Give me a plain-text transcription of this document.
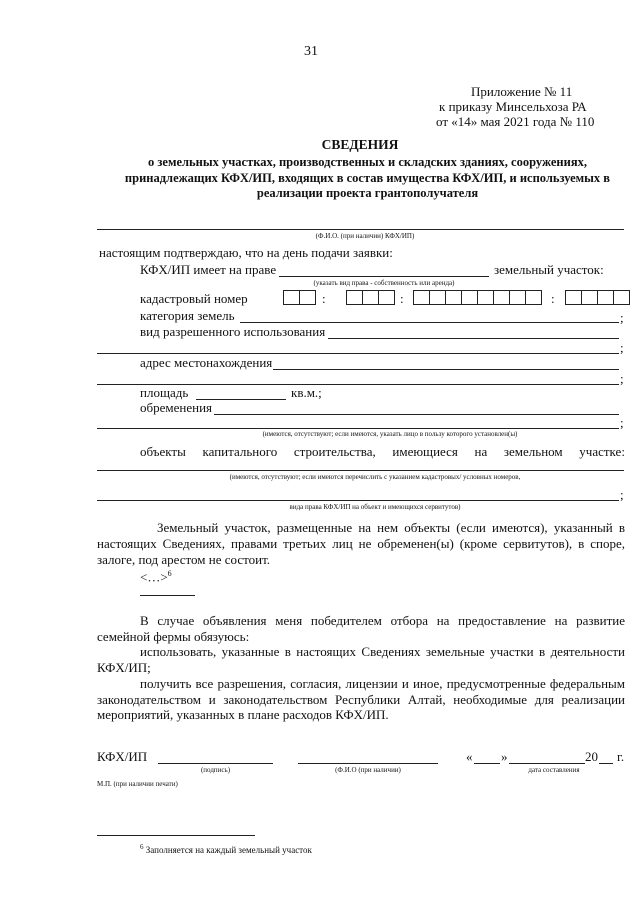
31
Приложение № 11
к приказу Минсельхоза РА
от «14» мая 2021 года № 110
СВЕДЕНИЯ
о земельных участках, производственных и складских зданиях, сооружениях,
принадлежащих КФХ/ИП, входящих в состав имущества КФХ/ИП, и используемых в
реализации проекта грантополучателя
(Ф.И.О. (при наличии) КФХ/ИП)
настоящим подтверждаю, что на день подачи заявки:
КФХ/ИП имеет на праве	земельный участок:
(указать вид права - собственность или аренда)
кадастровый номер	:	:	:
категория земель	;
вид разрешенного использования
;
адрес местонахождения
;
площадь	кв.м.;
обременения
;
(имеются, отсутствуют; если имеются, указать лицо в пользу которого установлен(ы)
объекты капитального строительства, имеющиеся на земельном участке:
(имеются, отсутствуют; если имеются перечислить с указанием кадастровых/ условных номеров,
;
вида права КФХ/ИП на объект и имеющихся сервитутов)
Земельный участок, размещенные на нем объекты (если имеются), указанный в
настоящих Сведениях, правами третьих лиц не обременен(ы) (кроме сервитутов), в споре,
залоге, под арестом не состоит.
<…>$^6$
В случае объявления меня победителем отбора на предоставление на развитие
семейной фермы обязуюсь:
использовать, указанные в настоящих Сведениях земельные участки в деятельности
КФХ/ИП;
получить все разрешения, согласия, лицензии и иное, предусмотренные федеральным
законодательством и законодательством Республики Алтай, необходимые для реализации
мероприятий, указанных в плане расходов КФХ/ИП.
КФХ/ИП
(подпись)	(Ф.И.О (при наличии)
« »	20 г.
дата составления
М.П. (при наличии печати)
$^6$ Заполняется на каждый земельный участок
